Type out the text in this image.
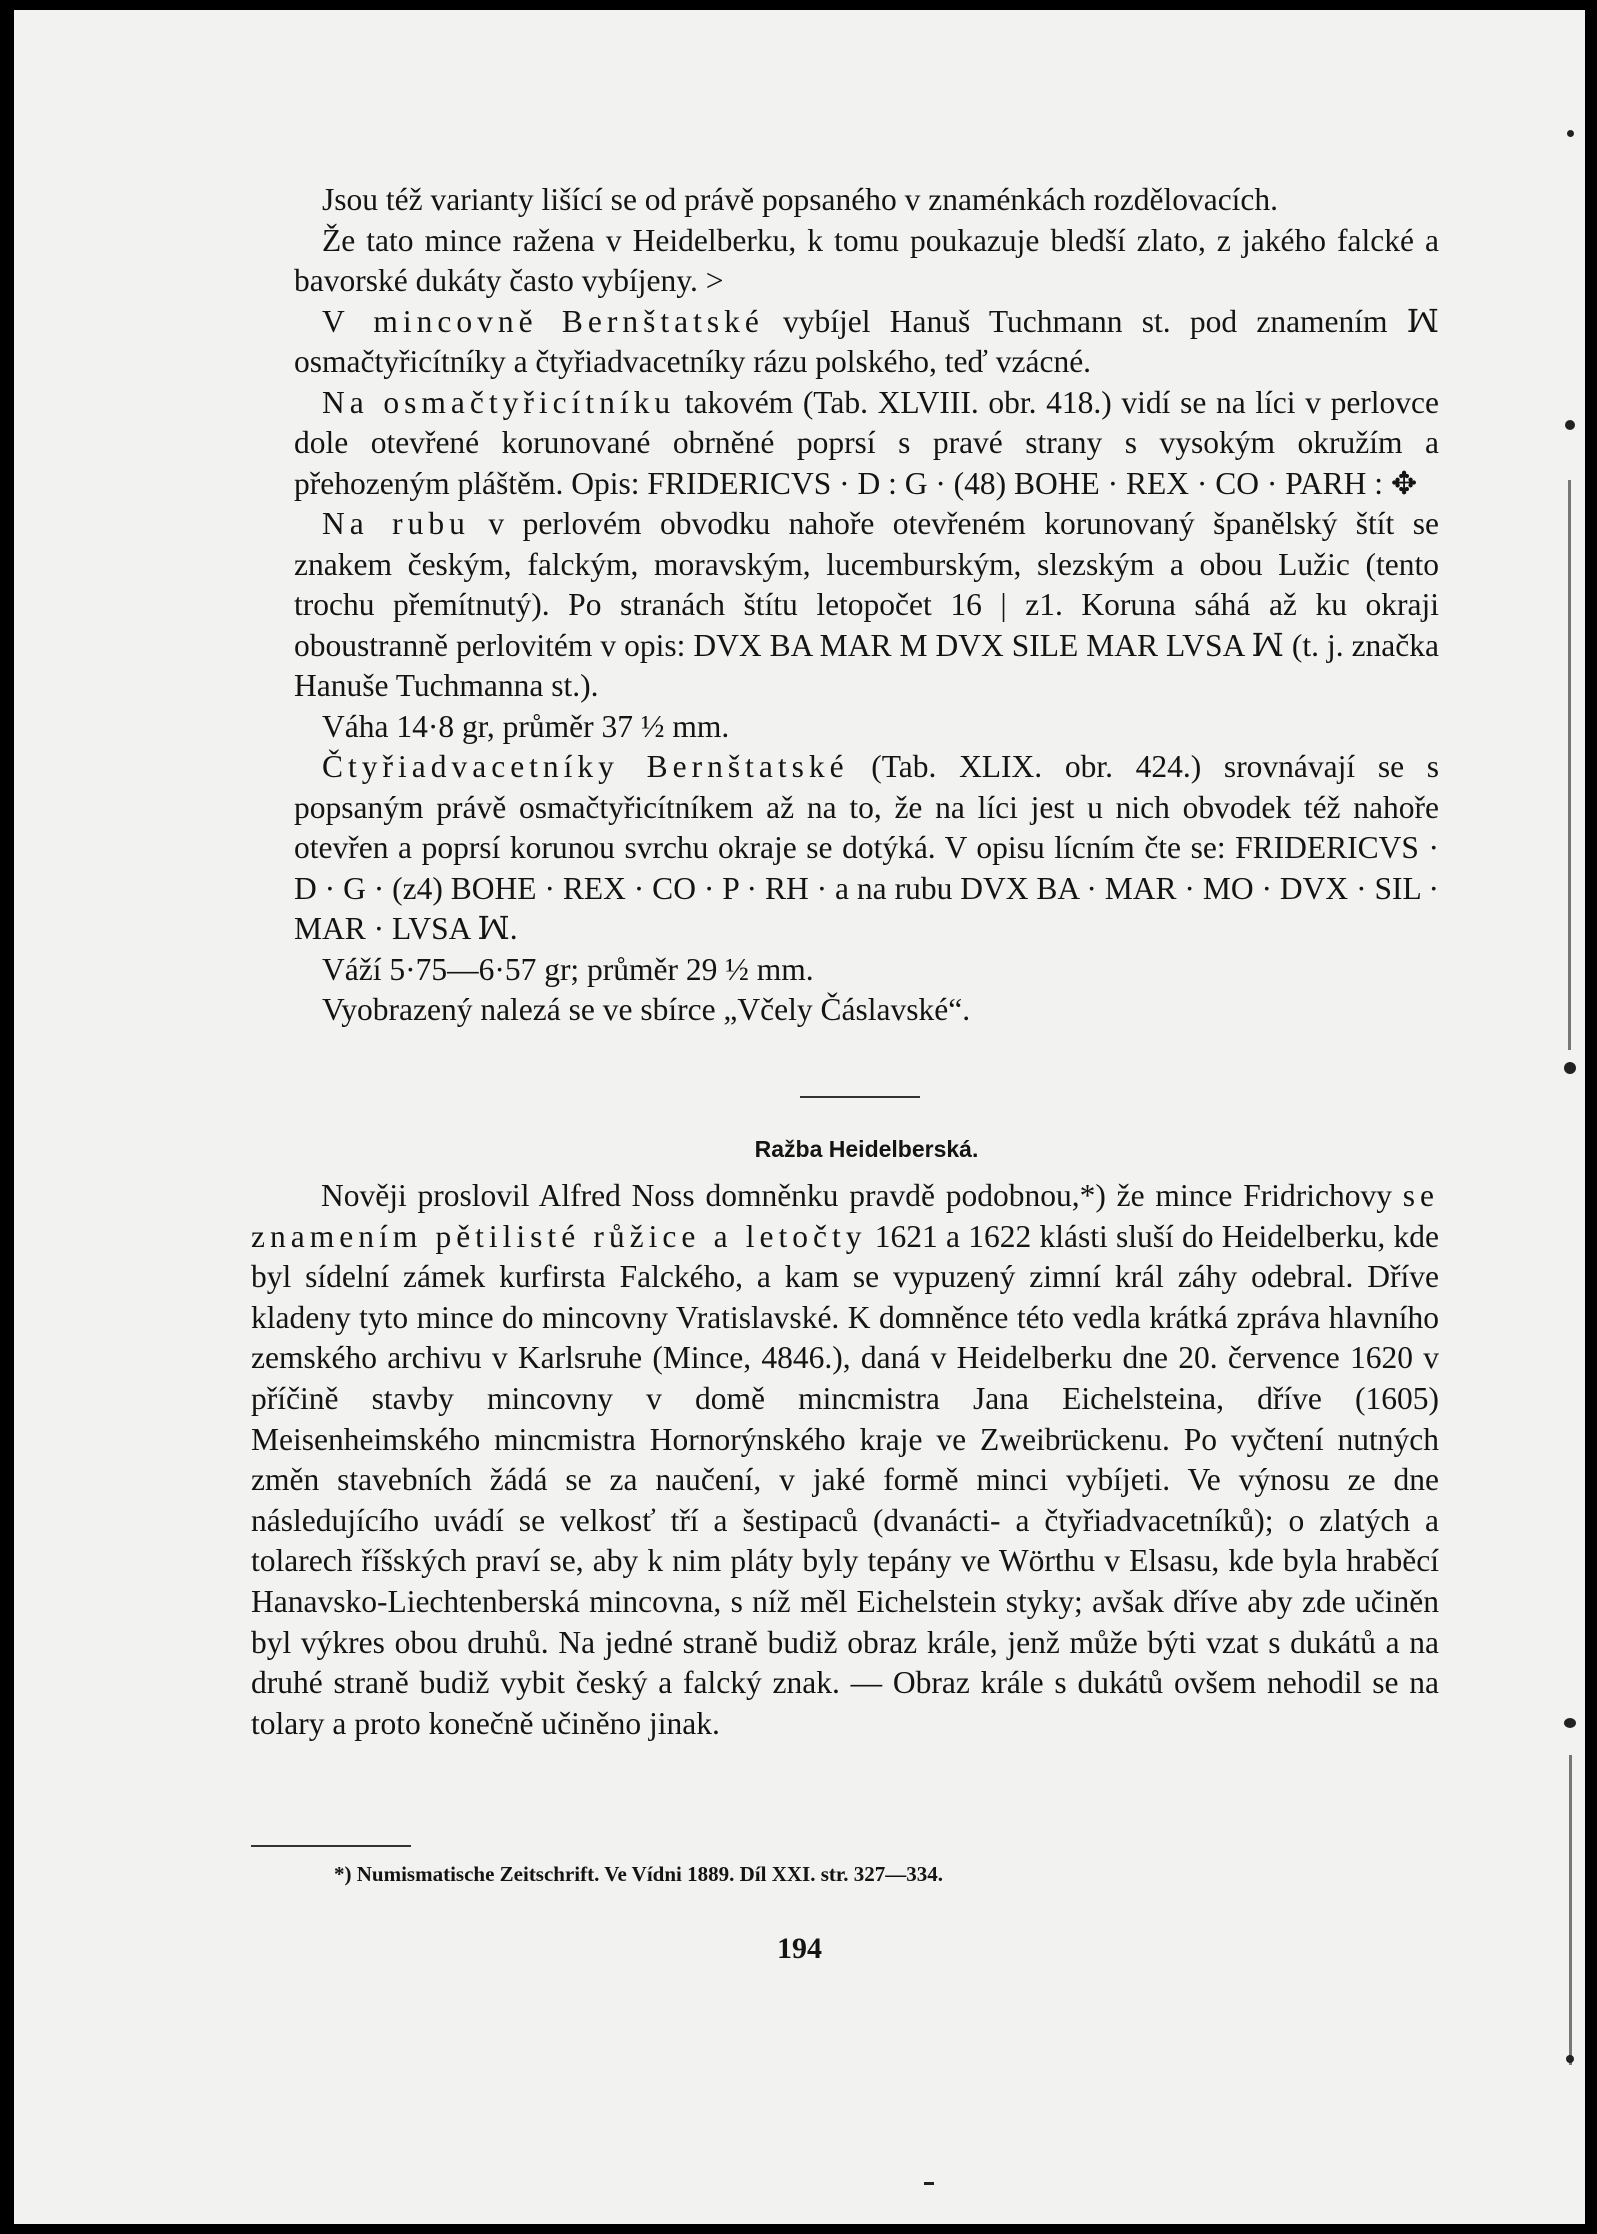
Jsou též varianty lišící se od právě popsaného v znaménkách rozdělovacích.

Že tato mince ražena v Heidelberku, k tomu poukazuje bledší zlato, z jakého falcké a bavorské dukáty často vybíjeny. >

V mincovně Bernštatské vybíjel Hanuš Tuchmann st. pod znamením ꟽ osmačtyřicítníky a čtyřiadvacetníky rázu polského, teď vzácné.

Na osmačtyřicítníku takovém (Tab. XLVIII. obr. 418.) vidí se na líci v perlovce dole otevřené korunované obrněné poprsí s pravé strany s vysokým okružím a přehozeným pláštěm. Opis: FRIDERICVS · D : G · (48) BOHE · REX · CO · PARH : ✥

Na rubu v perlovém obvodku nahoře otevřeném korunovaný španělský štít se znakem českým, falckým, moravským, lucemburským, slezským a obou Lužic (tento trochu přemítnutý). Po stranách štítu letopočet 16 | z1. Koruna sáhá až ku okraji oboustranně perlovitém v opis: DVX BA MAR M DVX SILE MAR LVSA ꟽ (t. j. značka Hanuše Tuchmanna st.).

Váha 14·8 gr, průměr 37 ½ mm.

Čtyřiadvacetníky Bernštatské (Tab. XLIX. obr. 424.) srovnávají se s popsaným právě osmačtyřicítníkem až na to, že na líci jest u nich obvodek též nahoře otevřen a poprsí korunou svrchu okraje se dotýká. V opisu lícním čte se: FRIDERICVS · D · G · (z4) BOHE · REX · CO · P · RH · a na rubu DVX BA · MAR · MO · DVX · SIL · MAR · LVSA ꟽ.

Váží 5·75—6·57 gr; průměr 29 ½ mm.

Vyobrazený nalezá se ve sbírce „Včely Čáslavské“.

Ražba Heidelberská.

Nověji proslovil Alfred Noss domněnku pravdě podobnou,*) že mince Fridrichovy se znamením pětilisté růžice a letočty 1621 a 1622 klásti sluší do Heidelberku, kde byl sídelní zámek kurfirsta Falckého, a kam se vypuzený zimní král záhy odebral. Dříve kladeny tyto mince do mincovny Vratislavské. K domněnce této vedla krátká zpráva hlavního zemského archivu v Karlsruhe (Mince, 4846.), daná v Heidelberku dne 20. července 1620 v příčině stavby mincovny v domě mincmistra Jana Eichelsteina, dříve (1605) Meisenheimského mincmistra Hornorýnského kraje ve Zweibrückenu. Po vyčtení nutných změn stavebních žádá se za naučení, v jaké formě minci vybíjeti. Ve výnosu ze dne následujícího uvádí se velkosť tří a šestipaců (dvanácti- a čtyřiadvacetníků); o zlatých a tolarech říšských praví se, aby k nim pláty byly tepány ve Wörthu v Elsasu, kde byla hraběcí Hanavsko-Liechtenberská mincovna, s níž měl Eichelstein styky; avšak dříve aby zde učiněn byl výkres obou druhů. Na jedné straně budiž obraz krále, jenž může býti vzat s dukátů a na druhé straně budiž vybit český a falcký znak. — Obraz krále s dukátů ovšem nehodil se na tolary a proto konečně učiněno jinak.

*) Numismatische Zeitschrift. Ve Vídni 1889. Díl XXI. str. 327—334.
194
